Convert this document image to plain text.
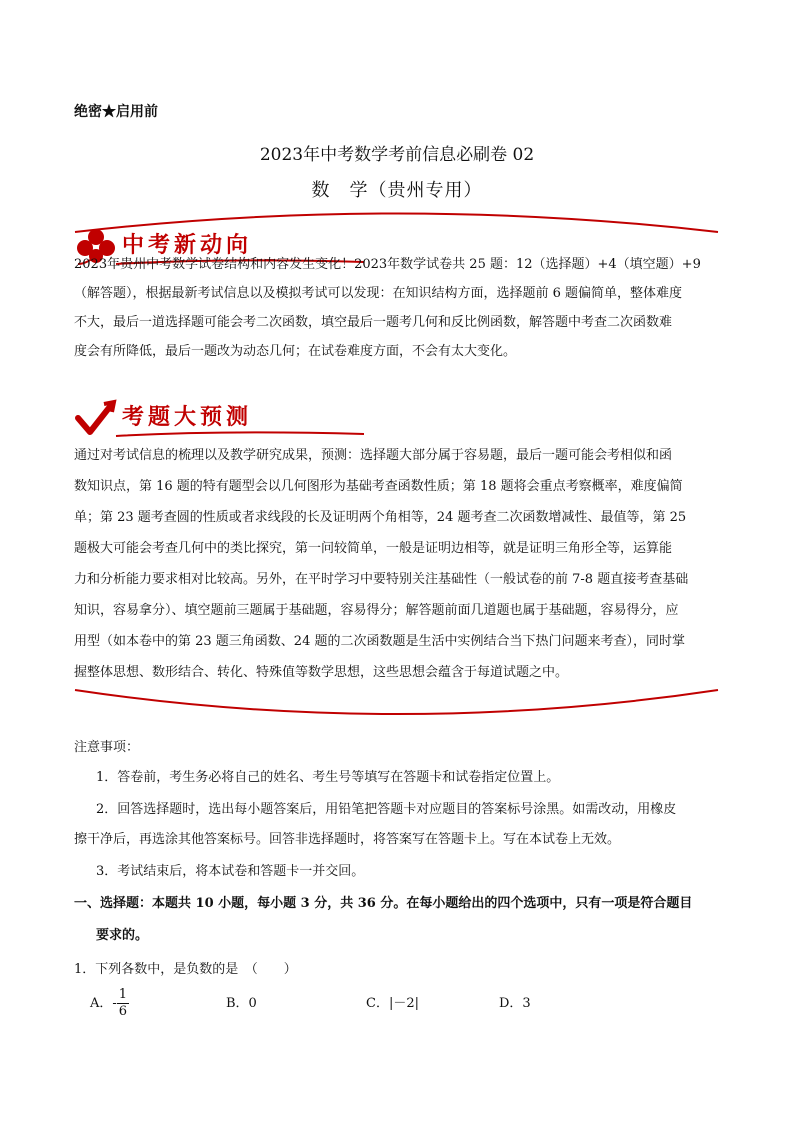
绝密★启用前
2023年中考数学考前信息必刷卷 02
数　学（贵州专用）
中考新动向
2023年贵州中考数学试卷结构和内容发生变化！2023年数学试卷共 25 题：12（选择题）+4（填空题）+9
（解答题），根据最新考试信息以及模拟考试可以发现：在知识结构方面，选择题前 6 题偏简单，整体难度
不大，最后一道选择题可能会考二次函数，填空最后一题考几何和反比例函数，解答题中考查二次函数难
度会有所降低，最后一题改为动态几何；在试卷难度方面，不会有太大变化。
考题大预测
通过对考试信息的梳理以及教学研究成果，预测：选择题大部分属于容易题，最后一题可能会考相似和函
数知识点，第 16 题的特有题型会以几何图形为基础考查函数性质；第 18 题将会重点考察概率，难度偏简
单；第 23 题考查圆的性质或者求线段的长及证明两个角相等，24 题考查二次函数增减性、最值等，第 25
题极大可能会考查几何中的类比探究，第一问较简单，一般是证明边相等，就是证明三角形全等，运算能
力和分析能力要求相对比较高。另外，在平时学习中要特别关注基础性（一般试卷的前 7-8 题直接考查基础
知识，容易拿分）、填空题前三题属于基础题，容易得分；解答题前面几道题也属于基础题，容易得分，应
用型（如本卷中的第 23 题三角函数、24 题的二次函数题是生活中实例结合当下热门问题来考查），同时掌
握整体思想、数形结合、转化、特殊值等数学思想，这些思想会蕴含于每道试题之中。
注意事项：
1．答卷前，考生务必将自己的姓名、考生号等填写在答题卡和试卷指定位置上。
2．回答选择题时，选出每小题答案后，用铅笔把答题卡对应题目的答案标号涂黑。如需改动，用橡皮
擦干净后，再选涂其他答案标号。回答非选择题时，将答案写在答题卡上。写在本试卷上无效。
3．考试结束后，将本试卷和答题卡一并交回。
一、选择题：本题共 10 小题，每小题 3 分，共 36 分。在每小题给出的四个选项中，只有一项是符合题目
要求的。
1．下列各数中，是负数的是　（　　）
A．- $\frac{1}{6}$	B．0	C．|－2|	D．3
